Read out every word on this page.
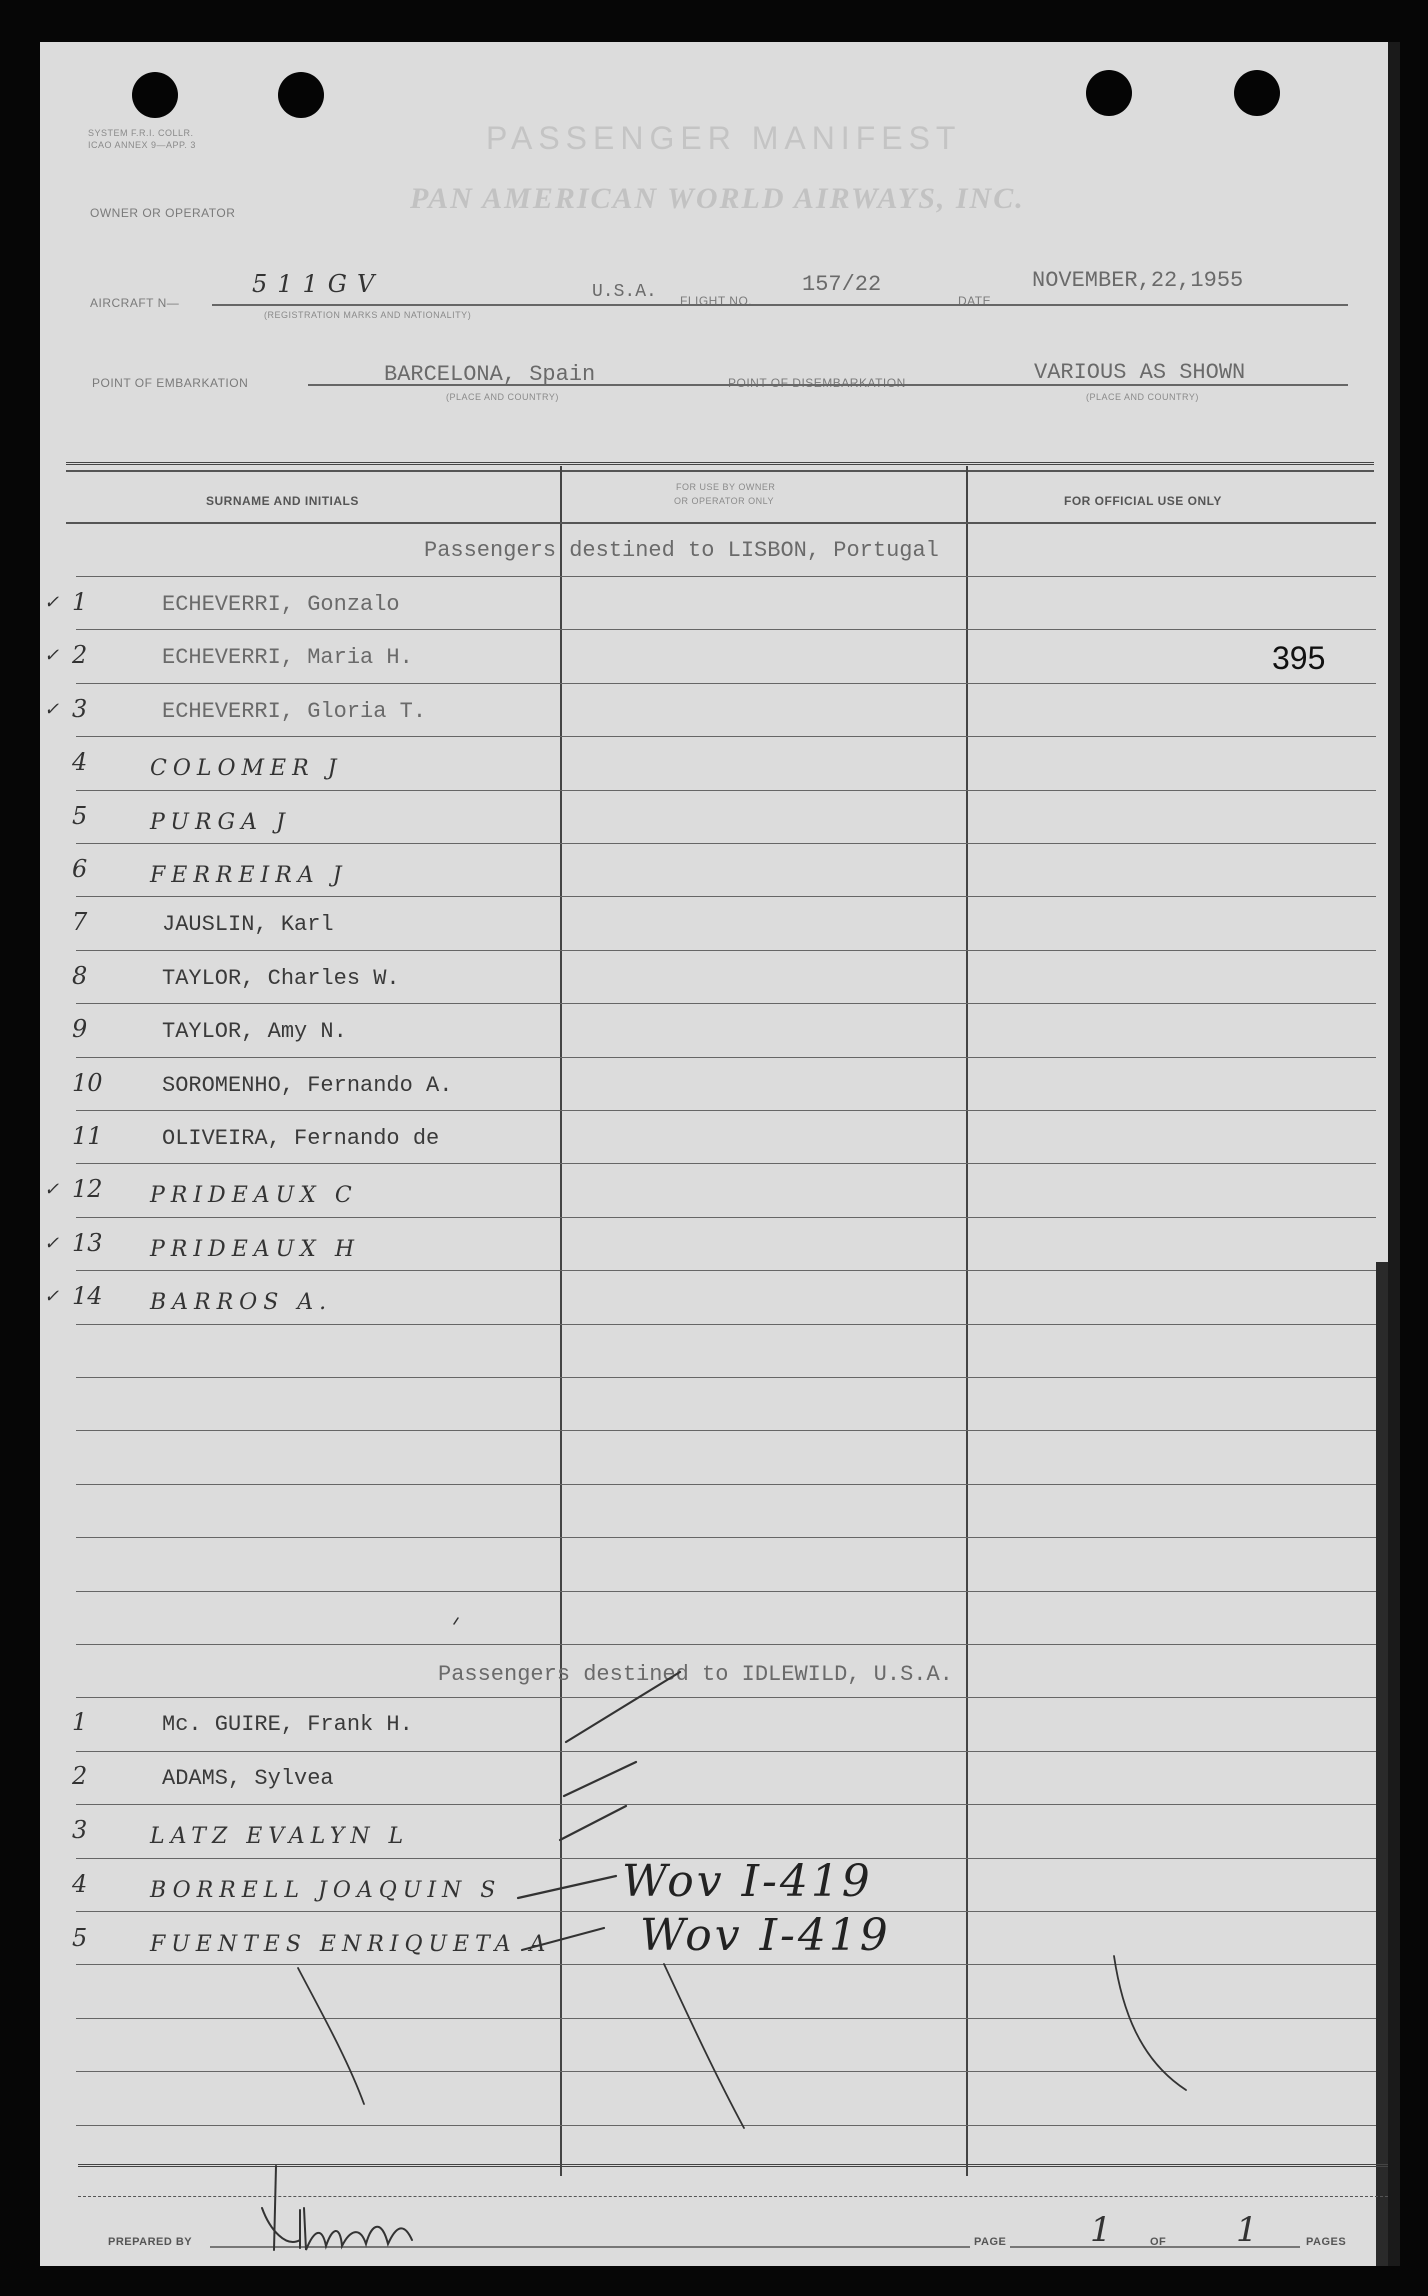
SYSTEM F.R.I. COLLR.
ICAO ANNEX 9—APP. 3	PASSENGER MANIFEST
OWNER OR OPERATOR	PAN AMERICAN WORLD AIRWAYS, INC.
AIRCRAFT N—
511GV
(REGISTRATION MARKS AND NATIONALITY)
U.S.A. FLIGHT NO.
157/22
DATE
NOVEMBER,22,1955
POINT OF EMBARKATION	BARCELONA, Spain
(PLACE AND COUNTRY)
POINT OF DISEMBARKATION	VARIOUS AS SHOWN
(PLACE AND COUNTRY)
SURNAME AND INITIALS
FOR USE BY OWNER
OR OPERATOR ONLY	FOR OFFICIAL USE ONLY
395
Passengers destined to LISBON, Portugal
✓ 1	ECHEVERRI, Gonzalo
✓ 2	ECHEVERRI, Maria H.
✓ 3	ECHEVERRI, Gloria T.
4	COLOMER J
5	PURGA J
6	FERREIRA J
7	JAUSLIN, Karl
8	TAYLOR, Charles W.
9	TAYLOR, Amy N.
10	SOROMENHO, Fernando A.
11	OLIVEIRA, Fernando de
✓ 12 PRIDEAUX C
✓ 13 PRIDEAUX H
✓ 14 BARROS A.
Passengers destined to IDLEWILD, U.S.A.
1	Mc. GUIRE, Frank H.
2	ADAMS, Sylvea
3	LATZ EVALYN L
4	BORRELL JOAQUIN S	Wov I-419
5	FUENTES ENRIQUETA A Wov I-419
PREPARED BY	PAGE 1	OF 1	PAGES
